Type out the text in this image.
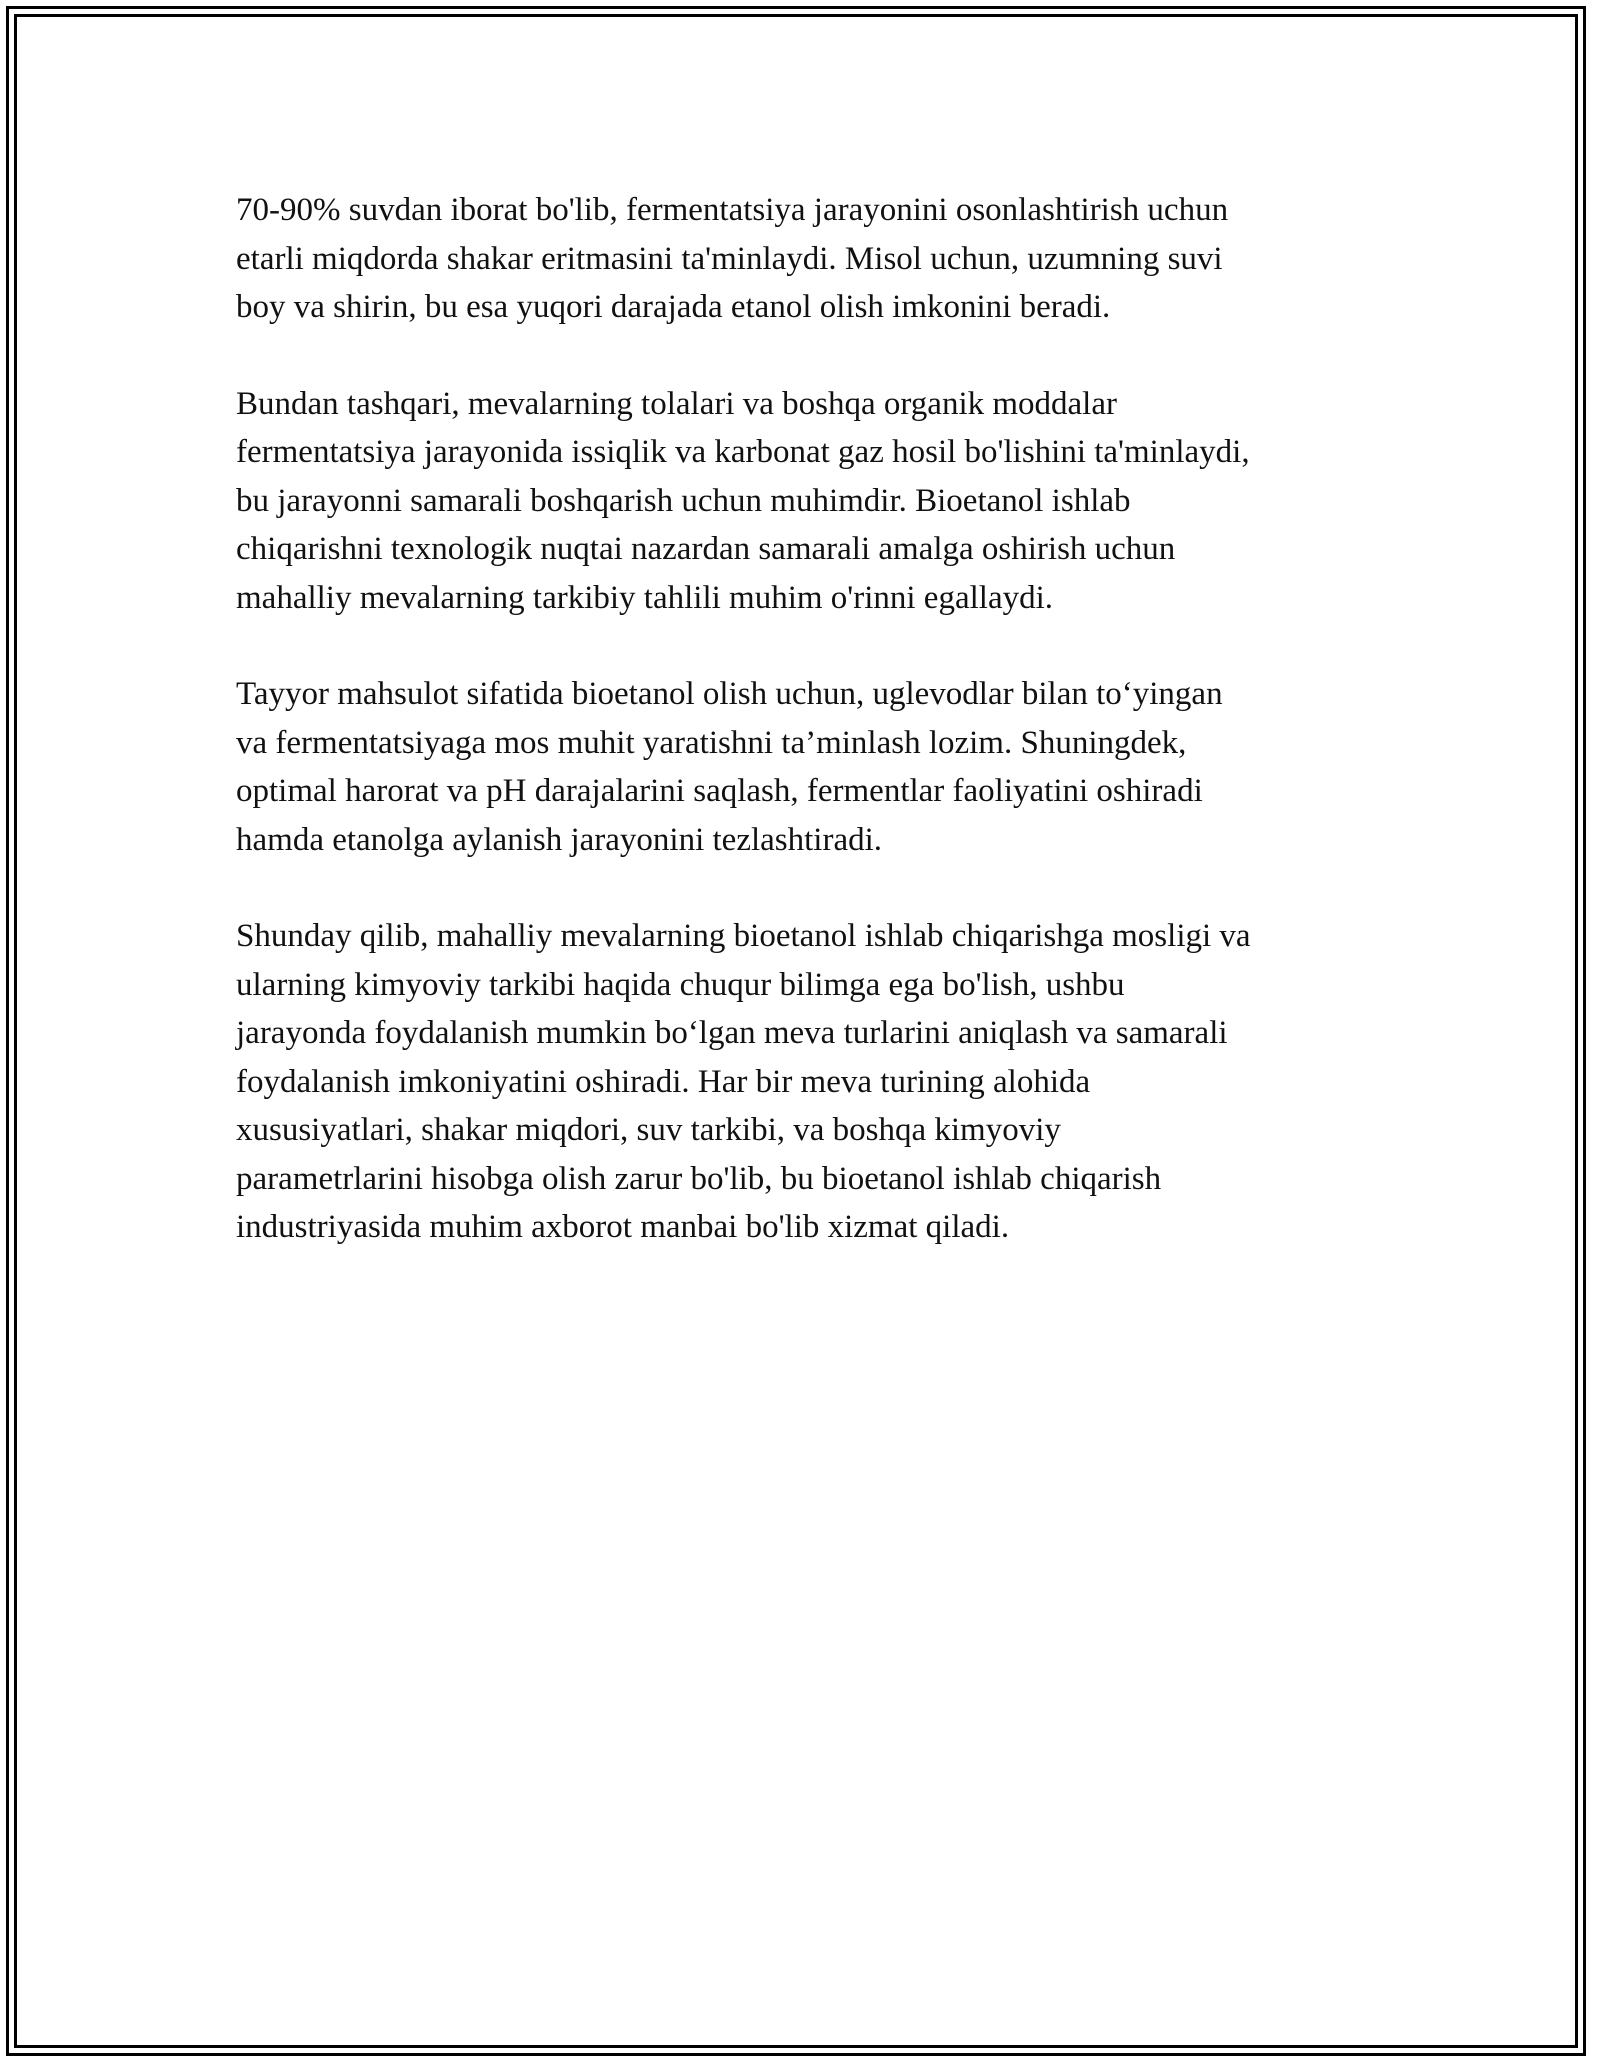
70-90% suvdan iborat bo'lib, fermentatsiya jarayonini osonlashtirish uchun
etarli miqdorda shakar eritmasini ta'minlaydi. Misol uchun, uzumning suvi
boy va shirin, bu esa yuqori darajada etanol olish imkonini beradi.

Bundan tashqari, mevalarning tolalari va boshqa organik moddalar
fermentatsiya jarayonida issiqlik va karbonat gaz hosil bo'lishini ta'minlaydi,
bu jarayonni samarali boshqarish uchun muhimdir. Bioetanol ishlab
chiqarishni texnologik nuqtai nazardan samarali amalga oshirish uchun
mahalliy mevalarning tarkibiy tahlili muhim o'rinni egallaydi.

Tayyor mahsulot sifatida bioetanol olish uchun, uglevodlar bilan to‘yingan
va fermentatsiyaga mos muhit yaratishni ta’minlash lozim. Shuningdek,
optimal harorat va pH darajalarini saqlash, fermentlar faoliyatini oshiradi
hamda etanolga aylanish jarayonini tezlashtiradi.

Shunday qilib, mahalliy mevalarning bioetanol ishlab chiqarishga mosligi va
ularning kimyoviy tarkibi haqida chuqur bilimga ega bo'lish, ushbu
jarayonda foydalanish mumkin bo‘lgan meva turlarini aniqlash va samarali
foydalanish imkoniyatini oshiradi. Har bir meva turining alohida
xususiyatlari, shakar miqdori, suv tarkibi, va boshqa kimyoviy
parametrlarini hisobga olish zarur bo'lib, bu bioetanol ishlab chiqarish
industriyasida muhim axborot manbai bo'lib xizmat qiladi.
